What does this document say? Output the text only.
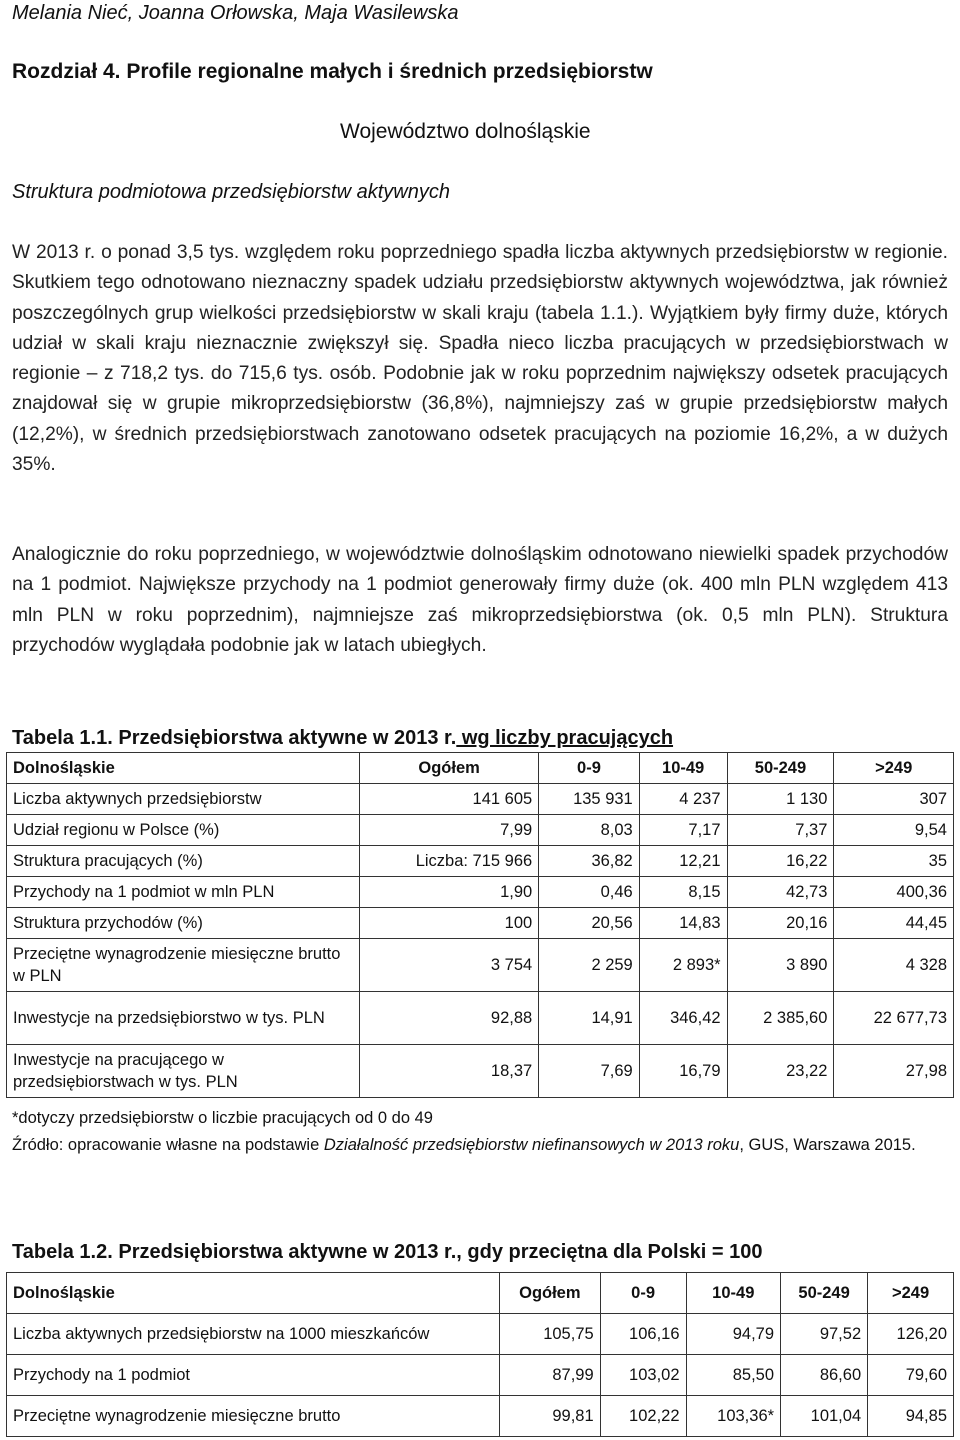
Melania Nieć, Joanna Orłowska, Maja Wasilewska
Rozdział 4. Profile regionalne małych i średnich przedsiębiorstw
Województwo dolnośląskie
Struktura podmiotowa przedsiębiorstw aktywnych
W 2013 r. o ponad 3,5 tys. względem roku poprzedniego spadła liczba aktywnych przedsiębiorstw w regionie. Skutkiem tego odnotowano nieznaczny spadek udziału przedsiębiorstw aktywnych województwa, jak również poszczególnych grup wielkości przedsiębiorstw w skali kraju (tabela 1.1.). Wyjątkiem były firmy duże, których udział w skali kraju nieznacznie zwiększył się. Spadła nieco liczba pracujących w przedsiębiorstwach w regionie – z 718,2 tys. do 715,6 tys. osób. Podobnie jak w roku poprzednim największy odsetek pracujących znajdował się w grupie mikroprzedsiębiorstw (36,8%), najmniejszy zaś w grupie przedsiębiorstw małych (12,2%), w średnich przedsiębiorstwach zanotowano odsetek pracujących na poziomie 16,2%, a w dużych 35%.
Analogicznie do roku poprzedniego, w województwie dolnośląskim odnotowano niewielki spadek przychodów na 1 podmiot. Największe przychody na 1 podmiot generowały firmy duże (ok. 400 mln PLN względem 413 mln PLN w roku poprzednim), najmniejsze zaś mikroprzedsiębiorstwa (ok. 0,5 mln PLN). Struktura przychodów wyglądała podobnie jak w latach ubiegłych.
Tabela 1.1. Przedsiębiorstwa aktywne w 2013 r. wg liczby pracujących
Dolnośląskie	Ogółem	0-9	10-49	50-249	>249
Liczba aktywnych przedsiębiorstw	141 605	135 931	4 237	1 130	307
Udział regionu w Polsce (%)	7,99	8,03	7,17	7,37	9,54
Struktura pracujących (%)	Liczba: 715 966	36,82	12,21	16,22	35
Przychody na 1 podmiot w mln PLN	1,90	0,46	8,15	42,73	400,36
Struktura przychodów (%)	100	20,56	14,83	20,16	44,45
Przeciętne wynagrodzenie miesięczne brutto w PLN	3 754	2 259	2 893*	3 890	4 328
Inwestycje na przedsiębiorstwo w tys. PLN	92,88	14,91	346,42	2 385,60	22 677,73
Inwestycje na pracującego w przedsiębiorstwach w tys. PLN	18,37	7,69	16,79	23,22	27,98
*dotyczy przedsiębiorstw o liczbie pracujących od 0 do 49
Źródło: opracowanie własne na podstawie Działalność przedsiębiorstw niefinansowych w 2013 roku, GUS, Warszawa 2015.
Tabela 1.2. Przedsiębiorstwa aktywne w 2013 r., gdy przeciętna dla Polski = 100
Dolnośląskie	Ogółem	0-9	10-49	50-249	>249
Liczba aktywnych przedsiębiorstw na 1000 mieszkańców	105,75	106,16	94,79	97,52	126,20
Przychody na 1 podmiot	87,99	103,02	85,50	86,60	79,60
Przeciętne wynagrodzenie miesięczne brutto	99,81	102,22	103,36*	101,04	94,85
